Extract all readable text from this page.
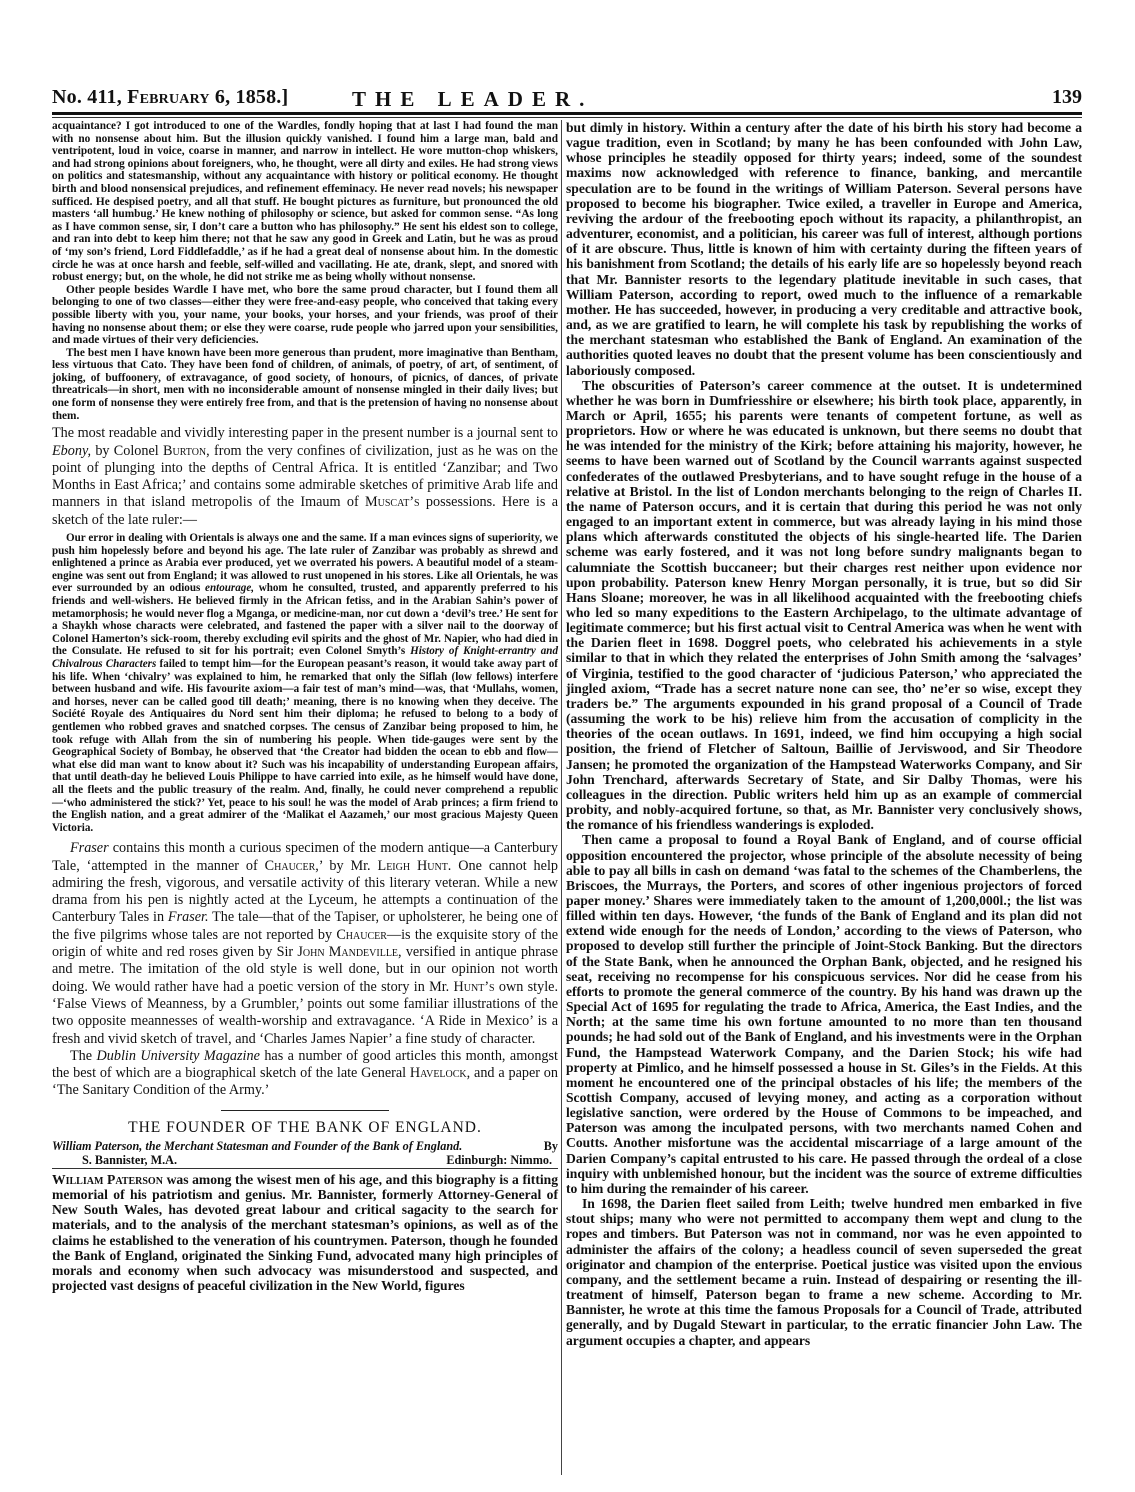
No. 411, February 6, 1858.]	THE LEADER.	139

acquaintance? I got introduced to one of the Wardles, fondly hoping that at last I had found the man with no nonsense about him. But the illusion quickly vanished. I found him a large man, bald and ventripotent, loud in voice, coarse in manner, and narrow in intellect. He wore mutton-chop whiskers, and had strong opinions about foreigners, who, he thought, were all dirty and exiles. He had strong views on politics and statesmanship, without any acquaintance with history or political economy. He thought birth and blood nonsensical prejudices, and refinement effeminacy. He never read novels; his newspaper sufficed. He despised poetry, and all that stuff. He bought pictures as furniture, but pronounced the old masters ‘all humbug.’ He knew nothing of philosophy or science, but asked for common sense. “As long as I have common sense, sir, I don’t care a button who has philosophy.” He sent his eldest son to college, and ran into debt to keep him there; not that he saw any good in Greek and Latin, but he was as proud of ‘my son’s friend, Lord Fiddlefaddle,’ as if he had a great deal of nonsense about him. In the domestic circle he was at once harsh and feeble, self-willed and vacillating. He ate, drank, slept, and snored with robust energy; but, on the whole, he did not strike me as being wholly without nonsense.

Other people besides Wardle I have met, who bore the same proud character, but I found them all belonging to one of two classes—either they were free-and-easy people, who conceived that taking every possible liberty with you, your name, your books, your horses, and your friends, was proof of their having no nonsense about them; or else they were coarse, rude people who jarred upon your sensibilities, and made virtues of their very deficiencies.

The best men I have known have been more generous than prudent, more imaginative than Bentham, less virtuous that Cato. They have been fond of children, of animals, of poetry, of art, of sentiment, of joking, of buffoonery, of extravagance, of good society, of honours, of picnics, of dances, of private threatricals—in short, men with no inconsiderable amount of nonsense mingled in their daily lives; but one form of nonsense they were entirely free from, and that is the pretension of having no nonsense about them.

The most readable and vividly interesting paper in the present number is a journal sent to Ebony, by Colonel Burton, from the very confines of civilization, just as he was on the point of plunging into the depths of Central Africa. It is entitled ‘Zanzibar; and Two Months in East Africa;’ and contains some admirable sketches of primitive Arab life and manners in that island metropolis of the Imaum of Muscat’s possessions. Here is a sketch of the late ruler:—

Our error in dealing with Orientals is always one and the same. If a man evinces signs of superiority, we push him hopelessly before and beyond his age. The late ruler of Zanzibar was probably as shrewd and enlightened a prince as Arabia ever produced, yet we overrated his powers. A beautiful model of a steam-engine was sent out from England; it was allowed to rust unopened in his stores. Like all Orientals, he was ever surrounded by an odious entourage, whom he consulted, trusted, and apparently preferred to his friends and well-wishers. He believed firmly in the African fetiss, and in the Arabian Sahin’s power of metamorphosis; he would never flog a Mganga, or medicine-man, nor cut down a ‘devil’s tree.’ He sent for a Shaykh whose characts were celebrated, and fastened the paper with a silver nail to the doorway of Colonel Hamerton’s sick-room, thereby excluding evil spirits and the ghost of Mr. Napier, who had died in the Consulate. He refused to sit for his portrait; even Colonel Smyth’s History of Knight-errantry and Chivalrous Characters failed to tempt him—for the European peasant’s reason, it would take away part of his life. When ‘chivalry’ was explained to him, he remarked that only the Siflah (low fellows) interfere between husband and wife. His favourite axiom—a fair test of man’s mind—was, that ‘Mullahs, women, and horses, never can be called good till death;’ meaning, there is no knowing when they deceive. The Société Royale des Antiquaires du Nord sent him their diploma; he refused to belong to a body of gentlemen who robbed graves and snatched corpses. The census of Zanzibar being proposed to him, he took refuge with Allah from the sin of numbering his people. When tide-gauges were sent by the Geographical Society of Bombay, he observed that ‘the Creator had bidden the ocean to ebb and flow—what else did man want to know about it? Such was his incapability of understanding European affairs, that until death-day he believed Louis Philippe to have carried into exile, as he himself would have done, all the fleets and the public treasury of the realm. And, finally, he could never comprehend a republic—‘who administered the stick?’ Yet, peace to his soul! he was the model of Arab princes; a firm friend to the English nation, and a great admirer of the ‘Malikat el Aazameh,’ our most gracious Majesty Queen Victoria.

Fraser contains this month a curious specimen of the modern antique—a Canterbury Tale, ‘attempted in the manner of Chaucer,’ by Mr. Leigh Hunt. One cannot help admiring the fresh, vigorous, and versatile activity of this literary veteran. While a new drama from his pen is nightly acted at the Lyceum, he attempts a continuation of the Canterbury Tales in Fraser. The tale—that of the Tapiser, or upholsterer, he being one of the five pilgrims whose tales are not reported by Chaucer—is the exquisite story of the origin of white and red roses given by Sir John Mandeville, versified in antique phrase and metre. The imitation of the old style is well done, but in our opinion not worth doing. We would rather have had a poetic version of the story in Mr. Hunt’s own style. ‘False Views of Meanness, by a Grumbler,’ points out some familiar illustrations of the two opposite meannesses of wealth-worship and extravagance. ‘A Ride in Mexico’ is a fresh and vivid sketch of travel, and ‘Charles James Napier’ a fine study of character.

The Dublin University Magazine has a number of good articles this month, amongst the best of which are a biographical sketch of the late General Havelock, and a paper on ‘The Sanitary Condition of the Army.’

THE FOUNDER OF THE BANK OF ENGLAND.
William Paterson, the Merchant Statesman and Founder of the Bank of England.	By
S. Bannister, M.A.	Edinburgh: Nimmo.

William Paterson was among the wisest men of his age, and this biography is a fitting memorial of his patriotism and genius. Mr. Bannister, formerly Attorney-General of New South Wales, has devoted great labour and critical sagacity to the search for materials, and to the analysis of the merchant statesman’s opinions, as well as of the claims he established to the veneration of his countrymen. Paterson, though he founded the Bank of England, originated the Sinking Fund, advocated many high principles of morals and economy when such advocacy was misunderstood and suspected, and projected vast designs of peaceful civilization in the New World, figures

but dimly in history. Within a century after the date of his birth his story had become a vague tradition, even in Scotland; by many he has been confounded with John Law, whose principles he steadily opposed for thirty years; indeed, some of the soundest maxims now acknowledged with reference to finance, banking, and mercantile speculation are to be found in the writings of William Paterson. Several persons have proposed to become his biographer. Twice exiled, a traveller in Europe and America, reviving the ardour of the freebooting epoch without its rapacity, a philanthropist, an adventurer, economist, and a politician, his career was full of interest, although portions of it are obscure. Thus, little is known of him with certainty during the fifteen years of his banishment from Scotland; the details of his early life are so hopelessly beyond reach that Mr. Bannister resorts to the legendary platitude inevitable in such cases, that William Paterson, according to report, owed much to the influence of a remarkable mother. He has succeeded, however, in producing a very creditable and attractive book, and, as we are gratified to learn, he will complete his task by republishing the works of the merchant statesman who established the Bank of England. An examination of the authorities quoted leaves no doubt that the present volume has been conscientiously and laboriously composed.

The obscurities of Paterson’s career commence at the outset. It is undetermined whether he was born in Dumfriesshire or elsewhere; his birth took place, apparently, in March or April, 1655; his parents were tenants of competent fortune, as well as proprietors. How or where he was educated is unknown, but there seems no doubt that he was intended for the ministry of the Kirk; before attaining his majority, however, he seems to have been warned out of Scotland by the Council warrants against suspected confederates of the outlawed Presbyterians, and to have sought refuge in the house of a relative at Bristol. In the list of London merchants belonging to the reign of Charles II. the name of Paterson occurs, and it is certain that during this period he was not only engaged to an important extent in commerce, but was already laying in his mind those plans which afterwards constituted the objects of his single-hearted life. The Darien scheme was early fostered, and it was not long before sundry malignants began to calumniate the Scottish buccaneer; but their charges rest neither upon evidence nor upon probability. Paterson knew Henry Morgan personally, it is true, but so did Sir Hans Sloane; moreover, he was in all likelihood acquainted with the freebooting chiefs who led so many expeditions to the Eastern Archipelago, to the ultimate advantage of legitimate commerce; but his first actual visit to Central America was when he went with the Darien fleet in 1698. Doggrel poets, who celebrated his achievements in a style similar to that in which they related the enterprises of John Smith among the ‘salvages’ of Virginia, testified to the good character of ‘judicious Paterson,’ who appreciated the jingled axiom, “Trade has a secret nature none can see, tho’ ne’er so wise, except they traders be.” The arguments expounded in his grand proposal of a Council of Trade (assuming the work to be his) relieve him from the accusation of complicity in the theories of the ocean outlaws. In 1691, indeed, we find him occupying a high social position, the friend of Fletcher of Saltoun, Baillie of Jerviswood, and Sir Theodore Jansen; he promoted the organization of the Hampstead Waterworks Company, and Sir John Trenchard, afterwards Secretary of State, and Sir Dalby Thomas, were his colleagues in the direction. Public writers held him up as an example of commercial probity, and nobly-acquired fortune, so that, as Mr. Bannister very conclusively shows, the romance of his friendless wanderings is exploded.

Then came a proposal to found a Royal Bank of England, and of course official opposition encountered the projector, whose principle of the absolute necessity of being able to pay all bills in cash on demand ‘was fatal to the schemes of the Chamberlens, the Briscoes, the Murrays, the Porters, and scores of other ingenious projectors of forced paper money.’ Shares were immediately taken to the amount of 1,200,000l.; the list was filled within ten days. However, ‘the funds of the Bank of England and its plan did not extend wide enough for the needs of London,’ according to the views of Paterson, who proposed to develop still further the principle of Joint-Stock Banking. But the directors of the State Bank, when he announced the Orphan Bank, objected, and he resigned his seat, receiving no recompense for his conspicuous services. Nor did he cease from his efforts to promote the general commerce of the country. By his hand was drawn up the Special Act of 1695 for regulating the trade to Africa, America, the East Indies, and the North; at the same time his own fortune amounted to no more than ten thousand pounds; he had sold out of the Bank of England, and his investments were in the Orphan Fund, the Hampstead Waterwork Company, and the Darien Stock; his wife had property at Pimlico, and he himself possessed a house in St. Giles’s in the Fields. At this moment he encountered one of the principal obstacles of his life; the members of the Scottish Company, accused of levying money, and acting as a corporation without legislative sanction, were ordered by the House of Commons to be impeached, and Paterson was among the inculpated persons, with two merchants named Cohen and Coutts. Another misfortune was the accidental miscarriage of a large amount of the Darien Company’s capital entrusted to his care. He passed through the ordeal of a close inquiry with unblemished honour, but the incident was the source of extreme difficulties to him during the remainder of his career.

In 1698, the Darien fleet sailed from Leith; twelve hundred men embarked in five stout ships; many who were not permitted to accompany them wept and clung to the ropes and timbers. But Paterson was not in command, nor was he even appointed to administer the affairs of the colony; a headless council of seven superseded the great originator and champion of the enterprise. Poetical justice was visited upon the envious company, and the settlement became a ruin. Instead of despairing or resenting the ill-treatment of himself, Paterson began to frame a new scheme. According to Mr. Bannister, he wrote at this time the famous Proposals for a Council of Trade, attributed generally, and by Dugald Stewart in particular, to the erratic financier John Law. The argument occupies a chapter, and appears
